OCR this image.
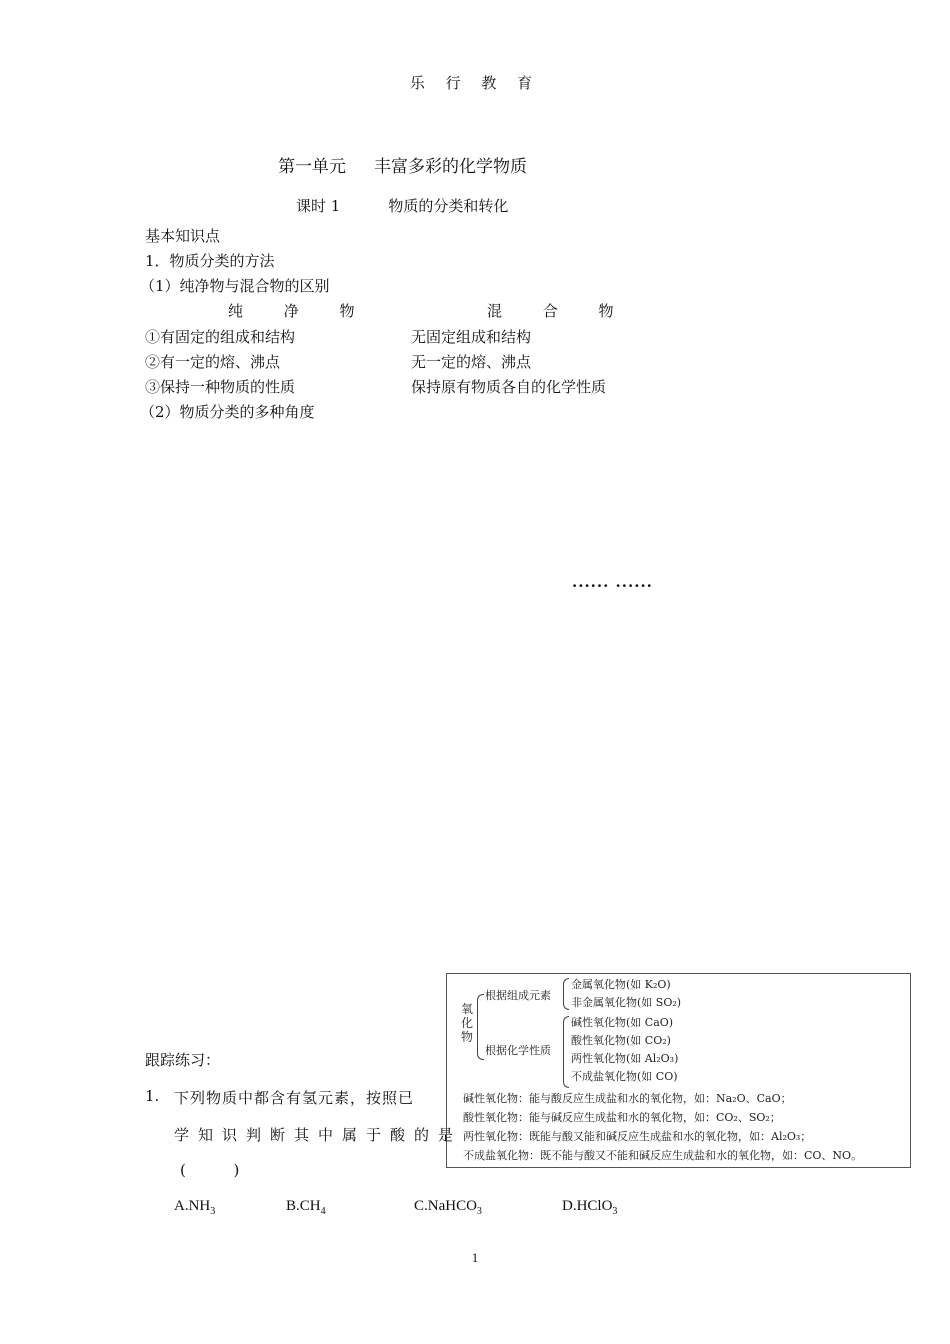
乐 行 教 育
第一单元 丰富多彩的化学物质
课时 1	物质的分类和转化
基本知识点
1．物质分类的方法
（1）纯净物与混合物的区别
纯 净 物	混 合 物
①有固定的组成和结构	无固定组成和结构
②有一定的熔、沸点	无一定的熔、沸点
③保持一种物质的性质	保持原有物质各自的化学性质
（2）物质分类的多种角度
...... ......
氧化物
根据组成元素
金属氧化物(如 K₂O)
非金属氧化物(如 SO₂)
根据化学性质
碱性氧化物(如 CaO)
酸性氧化物(如 CO₂)
两性氧化物(如 Al₂O₃)
不成盐氧化物(如 CO)
碱性氧化物：能与酸反应生成盐和水的氧化物，如：Na₂O、CaO；
酸性氧化物：能与碱反应生成盐和水的氧化物，如：CO₂、SO₂；
两性氧化物：既能与酸又能和碱反应生成盐和水的氧化物，如：Al₂O₃；
不成盐氧化物：既不能与酸又不能和碱反应生成盐和水的氧化物，如：CO、NO。
跟踪练习：
1. 下列物质中都含有氢元素，按照已
学知识判断其中属于酸的是
(          )
$A.NH_3$	$B.CH_4$	C.NaHCO$_3$	D.HClO$_3$
1
